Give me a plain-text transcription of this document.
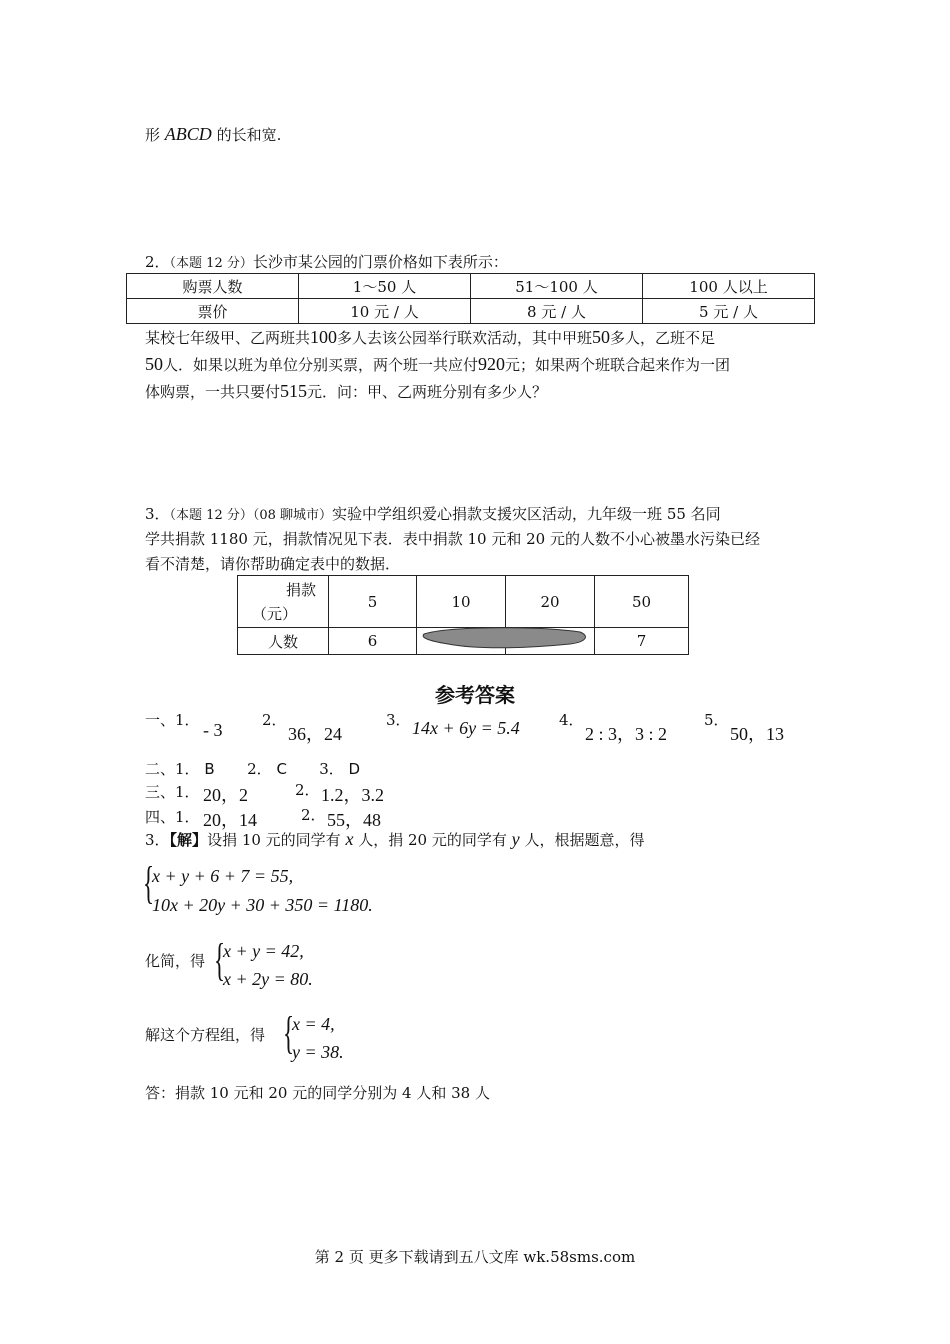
形 ABCD 的长和宽.
2．（本题 12 分）长沙市某公园的门票价格如下表所示：
购票人数	1～50 人	51～100 人	100 人以上
票价	10 元 / 人	8 元 / 人	5 元 / 人
某校七年级甲、乙两班共100多人去该公园举行联欢活动，其中甲班50多人，乙班不足
50人．如果以班为单位分别买票，两个班一共应付920元；如果两个班联合起来作为一团
体购票，一共只要付515元．问：甲、乙两班分别有多少人？
3．（本题 12 分）（08 聊城市）实验中学组织爱心捐款支援灾区活动，九年级一班 55 名同
学共捐款 1180 元，捐款情况见下表．表中捐款 10 元和 20 元的人数不小心被墨水污染已经
看不清楚，请你帮助确定表中的数据．
捐款
（元）	5	10	20	50
人数	6			7
参考答案
一、1． - 3	2．
36，24
3． 14x + 6y = 5.4	4．
2 : 3，3 : 2
5．
50，13
二、1． B 2． C 3． D
三、1． 20，2	2． 1.2，3.2
四、1． 20，14	2． 55，48
3．【解】设捐 10 元的同学有 x 人，捐 20 元的同学有 y 人，根据题意，得
{
x + y + 6 + 7 = 55,
10x + 20y + 30 + 350 = 1180.
化简，得 {
x + y = 42,
x + 2y = 80.
解这个方程组，得 {
x = 4,
y = 38.
答：捐款 10 元和 20 元的同学分别为 4 人和 38 人
第 2 页 更多下载请到五八文库 wk.58sms.com
